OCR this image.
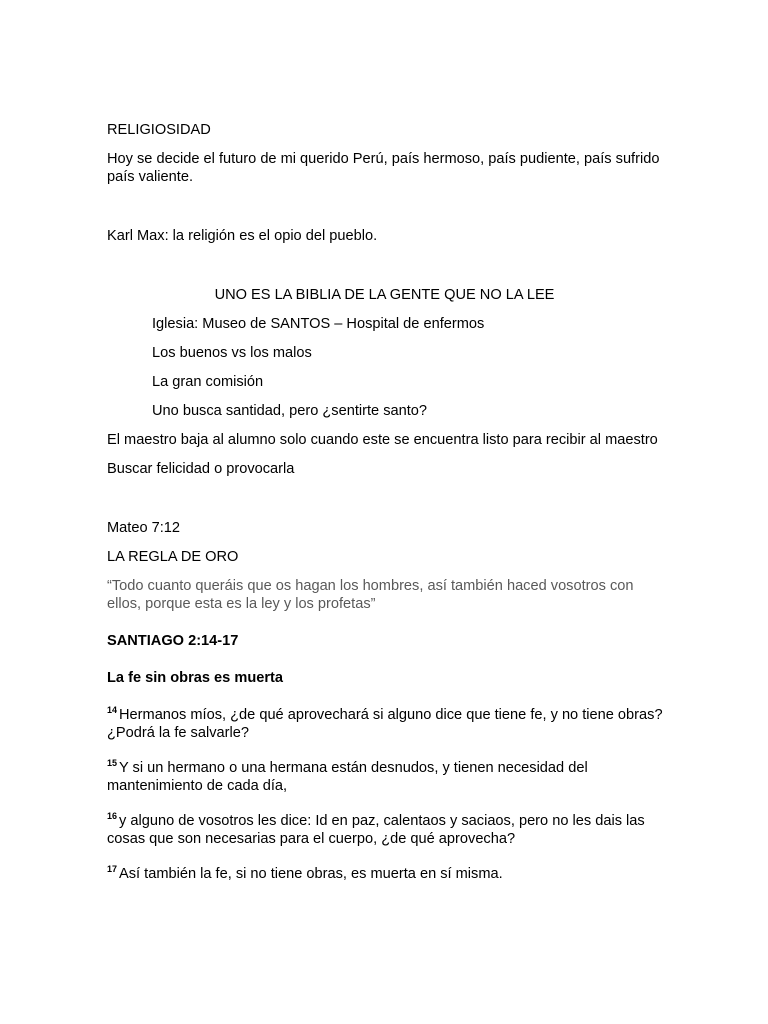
RELIGIOSIDAD

Hoy se decide el futuro de mi querido Perú, país hermoso, país pudiente, país sufrido país valiente.

Karl Max: la religión es el opio del pueblo.

UNO ES LA BIBLIA DE LA GENTE QUE NO LA LEE

Iglesia: Museo de SANTOS – Hospital de enfermos

Los buenos vs los malos

La gran comisión

Uno busca santidad, pero ¿sentirte santo?

El maestro baja al alumno solo cuando este se encuentra listo para recibir al maestro

Buscar felicidad o provocarla

Mateo 7:12

LA REGLA DE ORO

“Todo cuanto queráis que os hagan los hombres, así también haced vosotros con ellos, porque esta es la ley y los profetas”

SANTIAGO 2:14-17

La fe sin obras es muerta

$^{14}$ Hermanos míos, ¿de qué aprovechará si alguno dice que tiene fe, y no tiene obras? ¿Podrá la fe salvarle?

$^{15}$ Y si un hermano o una hermana están desnudos, y tienen necesidad del mantenimiento de cada día,

$^{16}$ y alguno de vosotros les dice: Id en paz, calentaos y saciaos, pero no les dais las cosas que son necesarias para el cuerpo, ¿de qué aprovecha?

$^{17}$ Así también la fe, si no tiene obras, es muerta en sí misma.
